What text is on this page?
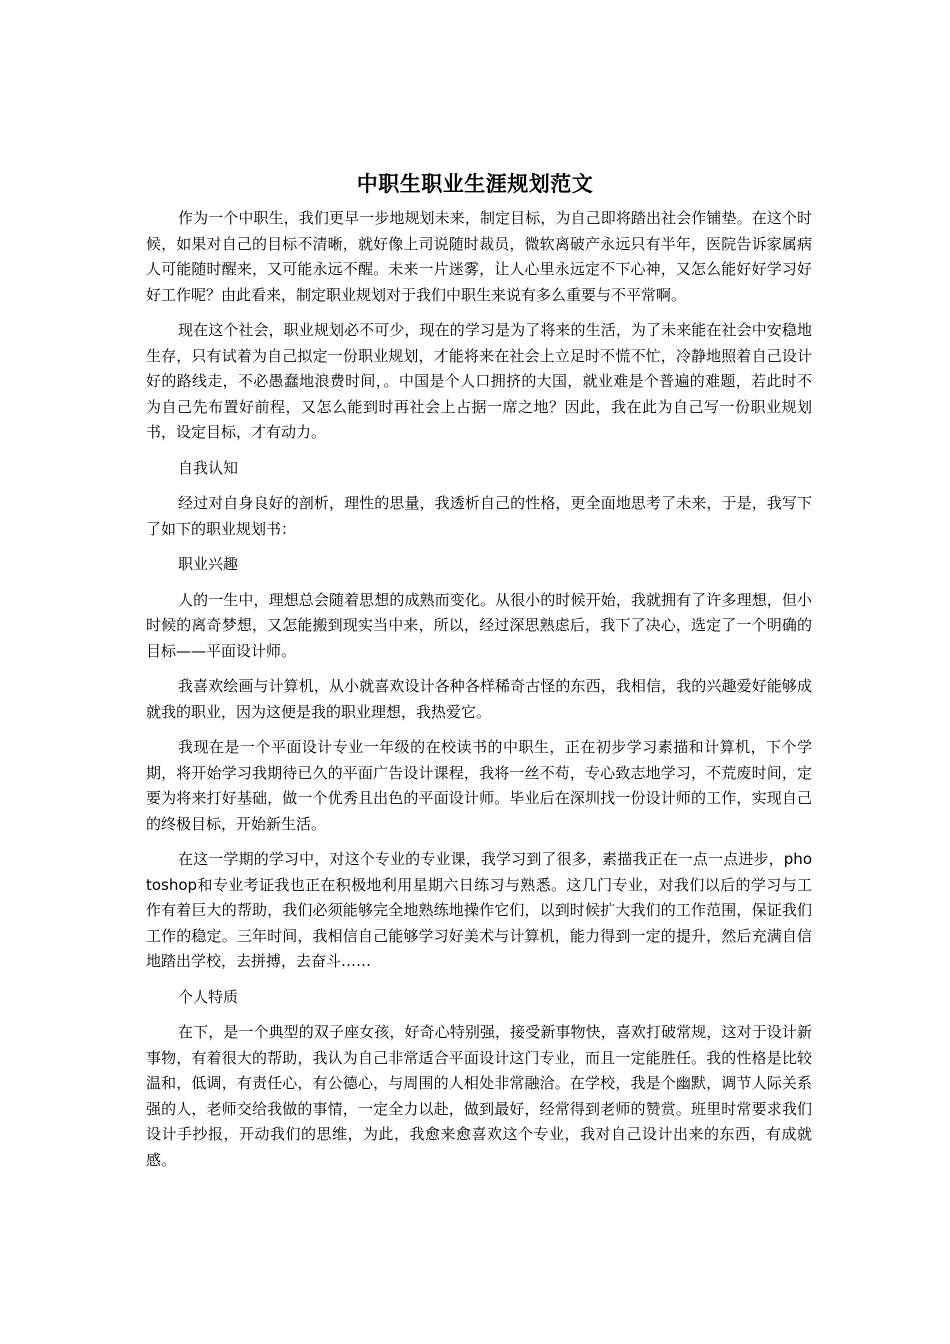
中职生职业生涯规划范文

作为一个中职生，我们更早一步地规划未来，制定目标，为自己即将踏出社会作铺垫。在这个时候，如果对自己的目标不清晰，就好像上司说随时裁员，微软离破产永远只有半年，医院告诉家属病人可能随时醒来，又可能永远不醒。未来一片迷雾，让人心里永远定不下心神，又怎么能好好学习好好工作呢？由此看来，制定职业规划对于我们中职生来说有多么重要与不平常啊。

现在这个社会，职业规划必不可少，现在的学习是为了将来的生活，为了未来能在社会中安稳地生存，只有试着为自己拟定一份职业规划，才能将来在社会上立足时不慌不忙，冷静地照着自己设计好的路线走，不必愚蠢地浪费时间，。中国是个人口拥挤的大国，就业难是个普遍的难题，若此时不为自己先布置好前程，又怎么能到时再社会上占据一席之地？因此，我在此为自己写一份职业规划书，设定目标，才有动力。

自我认知

经过对自身良好的剖析，理性的思量，我透析自己的性格，更全面地思考了未来，于是，我写下了如下的职业规划书：

职业兴趣

人的一生中，理想总会随着思想的成熟而变化。从很小的时候开始，我就拥有了许多理想，但小时候的离奇梦想，又怎能搬到现实当中来，所以，经过深思熟虑后，我下了决心，选定了一个明确的目标——平面设计师。

我喜欢绘画与计算机，从小就喜欢设计各种各样稀奇古怪的东西，我相信，我的兴趣爱好能够成就我的职业，因为这便是我的职业理想，我热爱它。

我现在是一个平面设计专业一年级的在校读书的中职生，正在初步学习素描和计算机，下个学期，将开始学习我期待已久的平面广告设计课程，我将一丝不苟，专心致志地学习，不荒废时间，定要为将来打好基础，做一个优秀且出色的平面设计师。毕业后在深圳找一份设计师的工作，实现自己的终极目标，开始新生活。

在这一学期的学习中，对这个专业的专业课，我学习到了很多，素描我正在一点一点进步，photoshop和专业考证我也正在积极地利用星期六日练习与熟悉。这几门专业，对我们以后的学习与工作有着巨大的帮助，我们必须能够完全地熟练地操作它们，以到时候扩大我们的工作范围，保证我们工作的稳定。三年时间，我相信自己能够学习好美术与计算机，能力得到一定的提升，然后充满自信地踏出学校，去拼搏，去奋斗……

个人特质

在下，是一个典型的双子座女孩，好奇心特别强，接受新事物快，喜欢打破常规，这对于设计新事物，有着很大的帮助，我认为自己非常适合平面设计这门专业，而且一定能胜任。我的性格是比较温和，低调，有责任心，有公德心，与周围的人相处非常融洽。在学校，我是个幽默，调节人际关系强的人，老师交给我做的事情，一定全力以赴，做到最好，经常得到老师的赞赏。班里时常要求我们设计手抄报，开动我们的思维，为此，我愈来愈喜欢这个专业，我对自己设计出来的东西，有成就感。
